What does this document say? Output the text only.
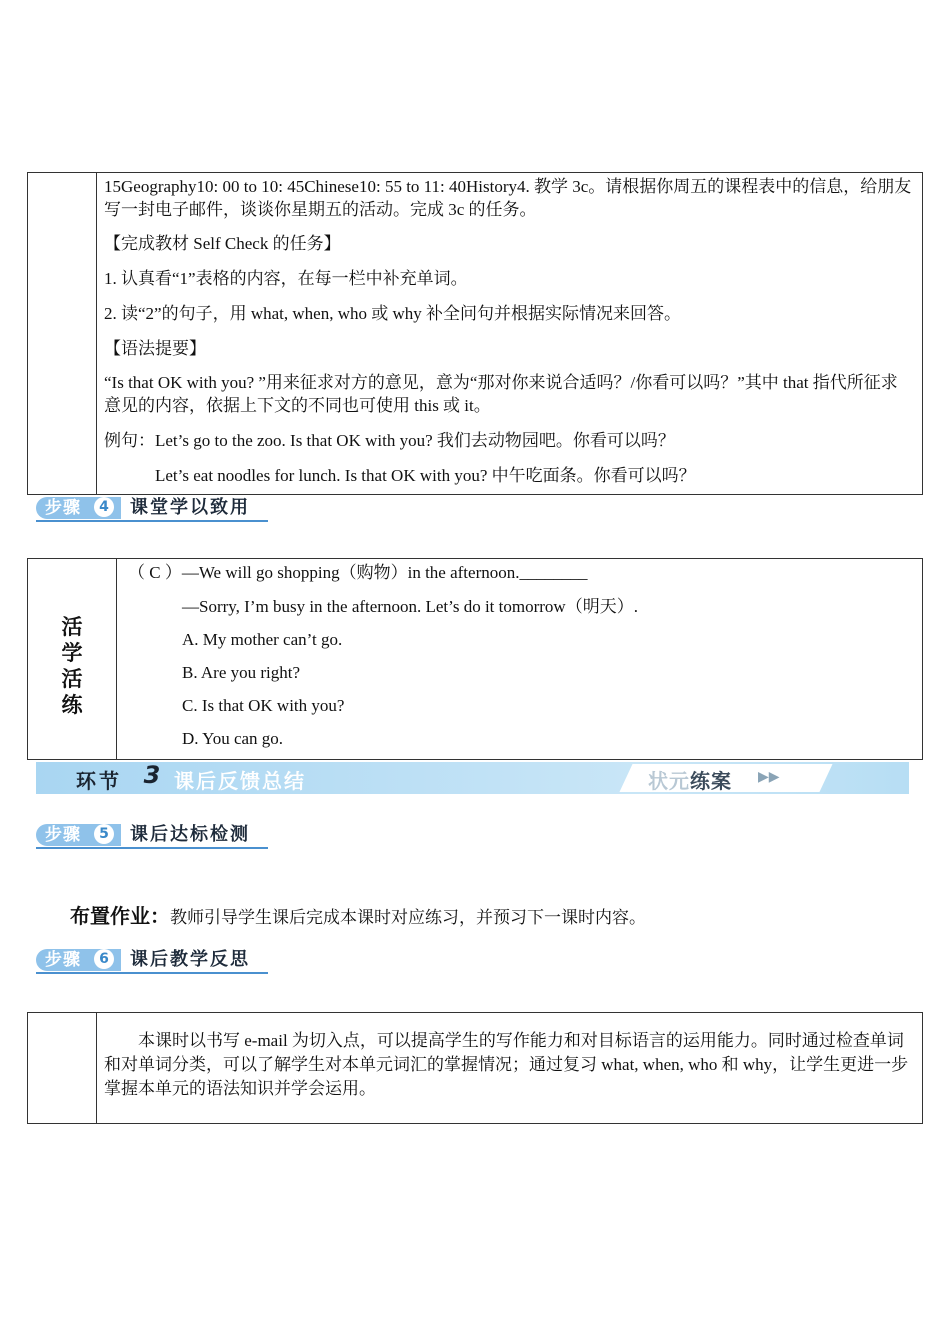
15Geography10: 00 to 10: 45Chinese10: 55 to 11: 40History4. 教学 3c。请根据你周五的课程表中的信息，给朋友写一封电子邮件，谈谈你星期五的活动。完成 3c 的任务。

【完成教材 Self Check 的任务】

1. 认真看“1”表格的内容，在每一栏中补充单词。

2. 读“2”的句子，用 what, when, who 或 why 补全问句并根据实际情况来回答。

【语法提要】

“Is that OK with you? ”用来征求对方的意见，意为“那对你来说合适吗？/你看可以吗？”其中 that 指代所征求意见的内容，依据上下文的不同也可使用 this 或 it。

例句：Let’s go to the zoo. Is that OK with you? 我们去动物园吧。你看可以吗？

Let’s eat noodles for lunch. Is that OK with you? 中午吃面条。你看可以吗？

步骤	4 课堂学以致用
活
学
活
练

（ C ）—We will go shopping（购物）in the afternoon.________

—Sorry, I’m busy in the afternoon. Let’s do it tomorrow（明天）.

A. My mother can’t go.

B. Are you right?

C. Is that OK with you?

D. You can go.

环节 3 课后反馈总结	状元练案 ▶▶
步骤	5 课后达标检测
布置作业：教师引导学生课后完成本课时对应练习，并预习下一课时内容。
步骤	6 课后教学反思

本课时以书写 e-mail 为切入点，可以提高学生的写作能力和对目标语言的运用能力。同时通过检查单词和对单词分类，可以了解学生对本单元词汇的掌握情况；通过复习 what, when, who 和 why，让学生更进一步掌握本单元的语法知识并学会运用。
